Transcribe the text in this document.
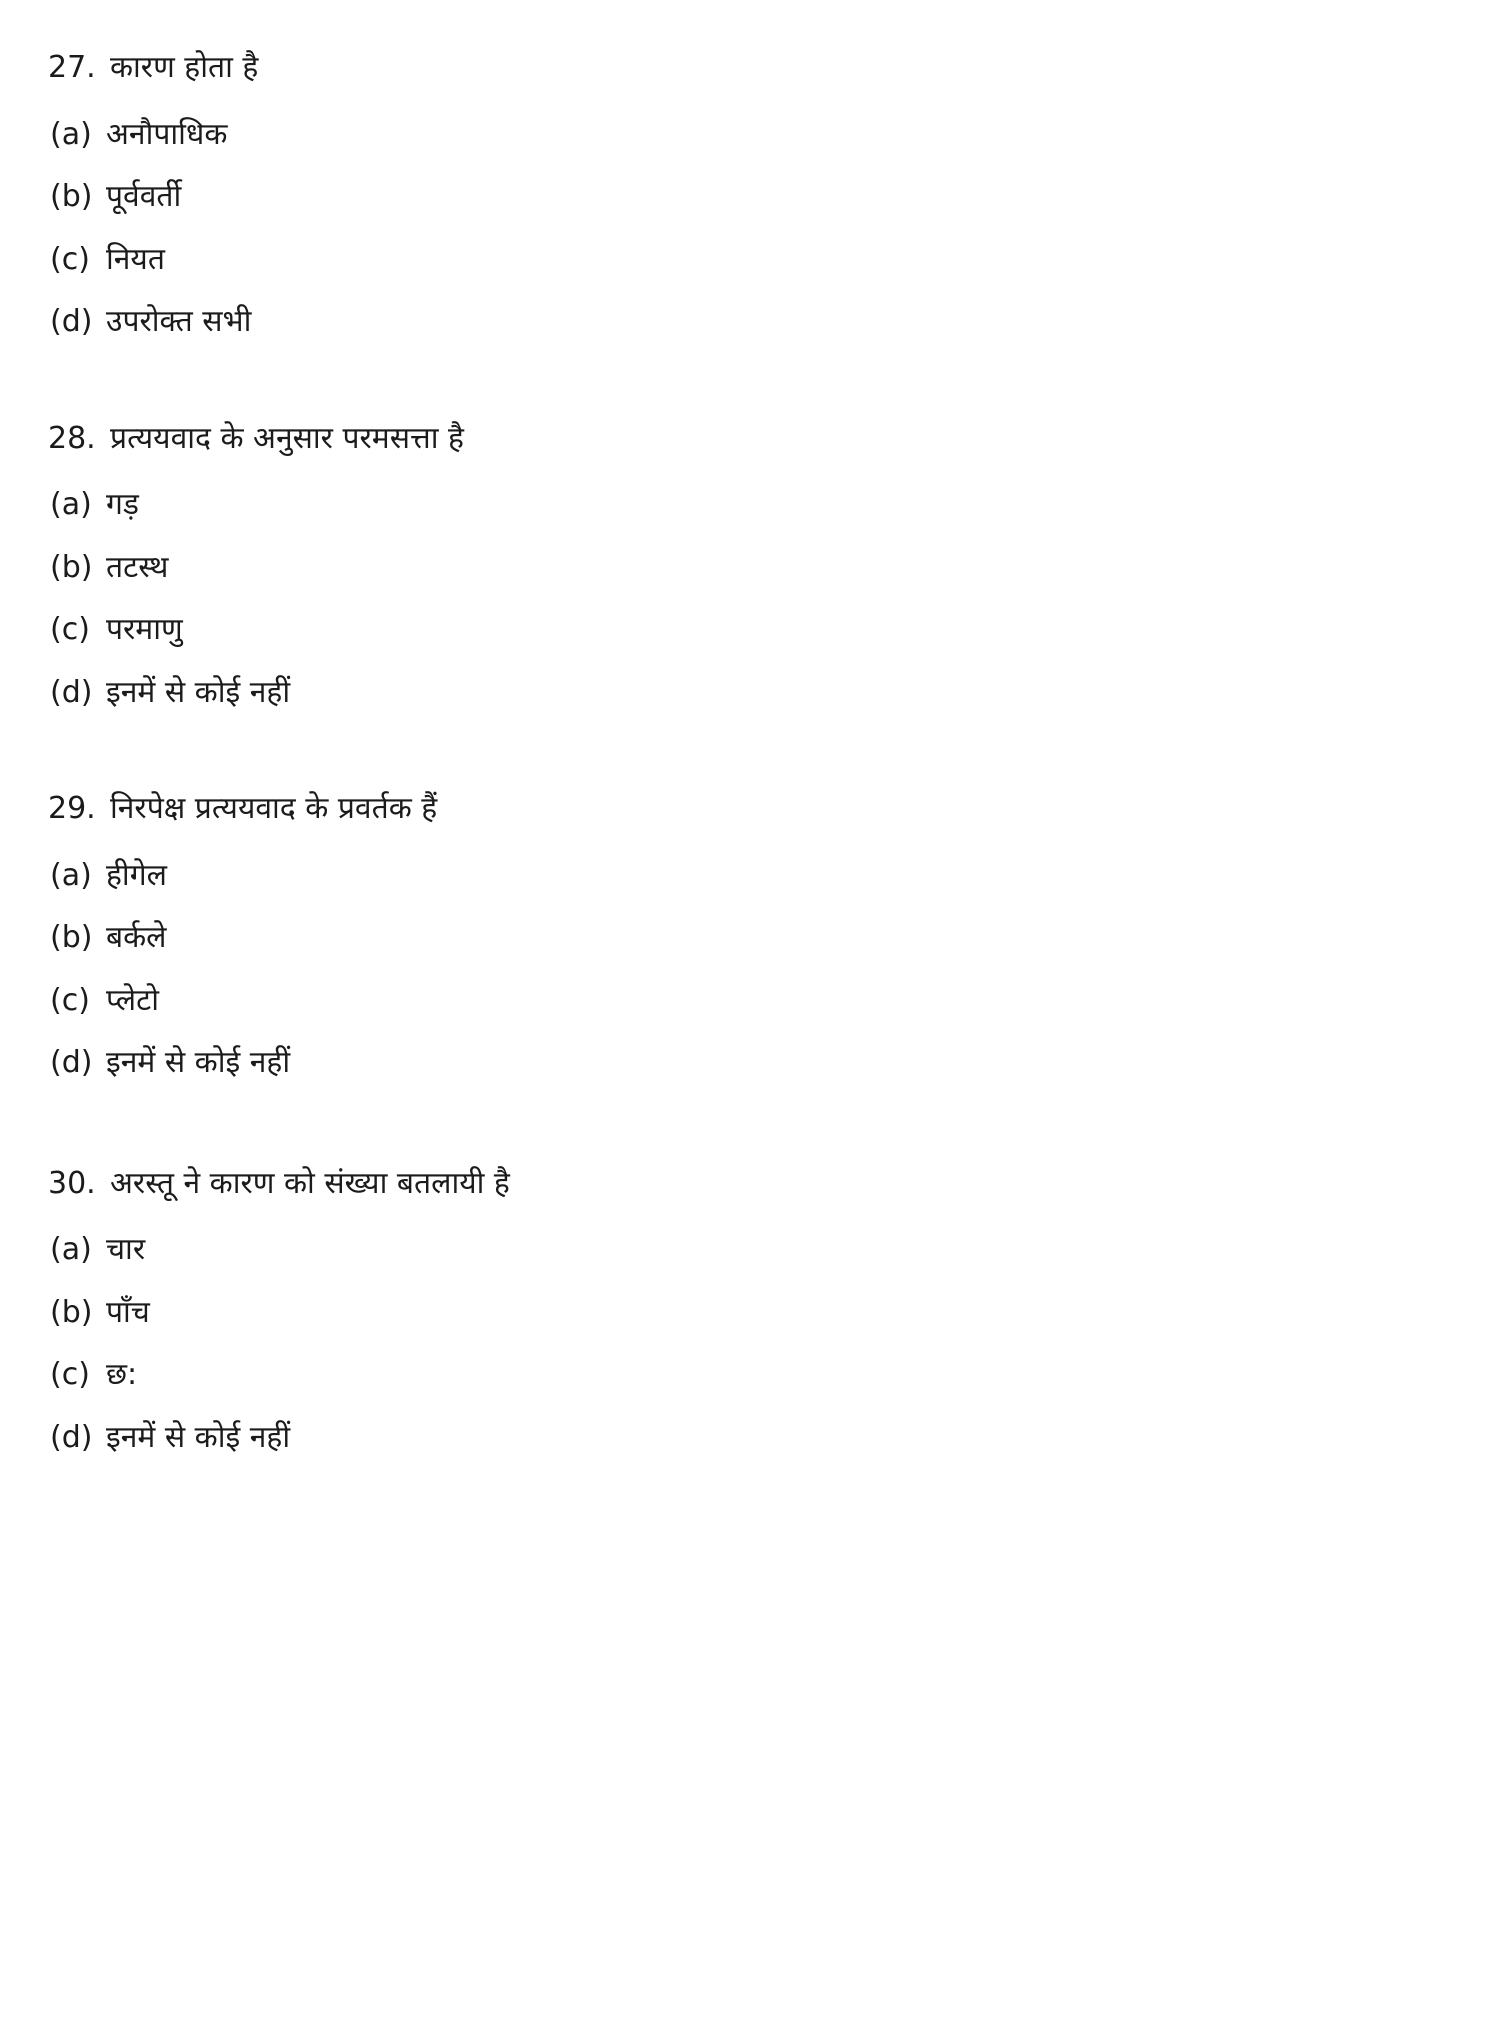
27. कारण होता है
(a) अनौपाधिक
(b) पूर्ववर्ती
(c) नियत
(d) उपरोक्त सभी
28. प्रत्ययवाद के अनुसार परमसत्ता है
(a) गड़
(b) तटस्थ
(c) परमाणु
(d) इनमें से कोई नहीं
29. निरपेक्ष प्रत्ययवाद के प्रवर्तक हैं
(a) हीगेल
(b) बर्कले
(c) प्लेटो
(d) इनमें से कोई नहीं
30. अरस्तू ने कारण को संख्या बतलायी है
(a) चार
(b) पाँच
(c) छ:
(d) इनमें से कोई नहीं
